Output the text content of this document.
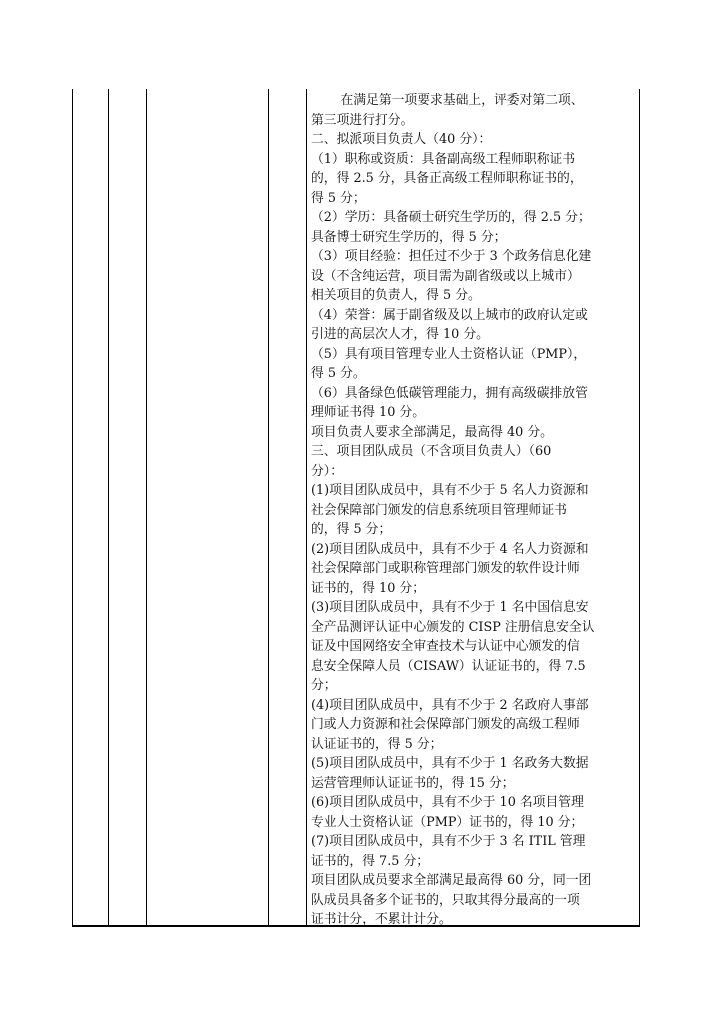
在满足第一项要求基础上，评委对第二项、

第三项进行打分。

二、拟派项目负责人（40 分）：

（1）职称或资质：具备副高级工程师职称证书

的，得 2.5 分，具备正高级工程师职称证书的，

得 5 分；

（2）学历：具备硕士研究生学历的，得 2.5 分；

具备博士研究生学历的，得 5 分；

（3）项目经验：担任过不少于 3 个政务信息化建

设（不含纯运营，项目需为副省级或以上城市）

相关项目的负责人，得 5 分。

（4）荣誉：属于副省级及以上城市的政府认定或

引进的高层次人才，得 10 分。

（5）具有项目管理专业人士资格认证（PMP），

得 5 分。

（6）具备绿色低碳管理能力，拥有高级碳排放管

理师证书得 10 分。

项目负责人要求全部满足，最高得 40 分。

三、项目团队成员（不含项目负责人）（60

分）：

(1)项目团队成员中，具有不少于 5 名人力资源和

社会保障部门颁发的信息系统项目管理师证书

的，得 5 分；

(2)项目团队成员中，具有不少于 4 名人力资源和

社会保障部门或职称管理部门颁发的软件设计师

证书的，得 10 分；

(3)项目团队成员中，具有不少于 1 名中国信息安

全产品测评认证中心颁发的 CISP 注册信息安全认

证及中国网络安全审查技术与认证中心颁发的信

息安全保障人员（CISAW）认证证书的，得 7.5

分；

(4)项目团队成员中，具有不少于 2 名政府人事部

门或人力资源和社会保障部门颁发的高级工程师

认证证书的，得 5 分；

(5)项目团队成员中，具有不少于 1 名政务大数据

运营管理师认证证书的，得 15 分；

(6)项目团队成员中，具有不少于 10 名项目管理

专业人士资格认证（PMP）证书的，得 10 分；

(7)项目团队成员中，具有不少于 3 名 ITIL 管理

证书的，得 7.5 分；

项目团队成员要求全部满足最高得 60 分，同一团

队成员具备多个证书的，只取其得分最高的一项

证书计分，不累计计分。
